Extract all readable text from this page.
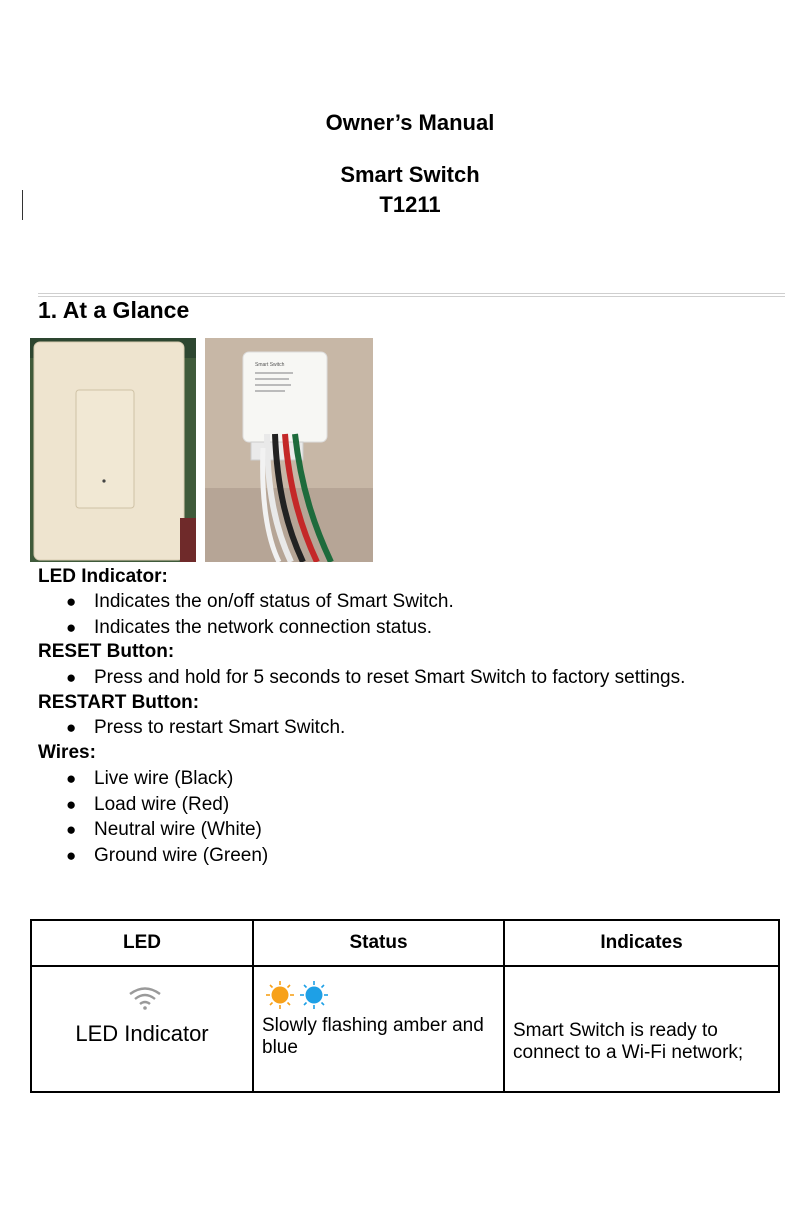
Owner’s Manual
Smart Switch
T1211
1. At a Glance
Smart Switch
LED Indicator:
● Indicates the on/off status of Smart Switch.
● Indicates the network connection status.
RESET Button:
● Press and hold for 5 seconds to reset Smart Switch to factory settings.
RESTART Button:
● Press to restart Smart Switch.
Wires:
● Live wire (Black)
● Load wire (Red)
● Neutral wire (White)
● Ground wire (Green)
LED	Status	Indicates

LED Indicator	Slowly flashing amber and blue	Smart Switch is ready to connect to a Wi-Fi network;
